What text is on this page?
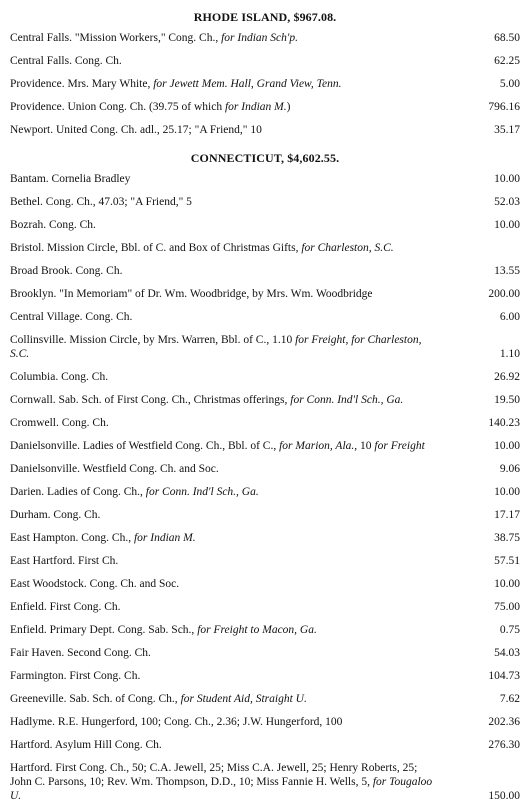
RHODE ISLAND, $967.08.
Central Falls. "Mission Workers," Cong. Ch., for Indian Sch'p.	68.50
Central Falls. Cong. Ch.	62.25
Providence. Mrs. Mary White, for Jewett Mem. Hall, Grand View, Tenn.	5.00
Providence. Union Cong. Ch. (39.75 of which for Indian M.)	796.16
Newport. United Cong. Ch. adl., 25.17; "A Friend," 10	35.17
CONNECTICUT, $4,602.55.
Bantam. Cornelia Bradley	10.00
Bethel. Cong. Ch., 47.03; "A Friend," 5	52.03
Bozrah. Cong. Ch.	10.00
Bristol. Mission Circle, Bbl. of C. and Box of Christmas Gifts, for Charleston, S.C.
Broad Brook. Cong. Ch.	13.55
Brooklyn. "In Memoriam" of Dr. Wm. Woodbridge, by Mrs. Wm. Woodbridge	200.00
Central Village. Cong. Ch.	6.00
Collinsville. Mission Circle, by Mrs. Warren, Bbl. of C., 1.10 for Freight, for Charleston, S.C.	1.10
Columbia. Cong. Ch.	26.92
Cornwall. Sab. Sch. of First Cong. Ch., Christmas offerings, for Conn. Ind'l Sch., Ga.	19.50
Cromwell. Cong. Ch.	140.23
Danielsonville. Ladies of Westfield Cong. Ch., Bbl. of C., for Marion, Ala., 10 for Freight	10.00
Danielsonville. Westfield Cong. Ch. and Soc.	9.06
Darien. Ladies of Cong. Ch., for Conn. Ind'l Sch., Ga.	10.00
Durham. Cong. Ch.	17.17
East Hampton. Cong. Ch., for Indian M.	38.75
East Hartford. First Ch.	57.51
East Woodstock. Cong. Ch. and Soc.	10.00
Enfield. First Cong. Ch.	75.00
Enfield. Primary Dept. Cong. Sab. Sch., for Freight to Macon, Ga.	0.75
Fair Haven. Second Cong. Ch.	54.03
Farmington. First Cong. Ch.	104.73
Greeneville. Sab. Sch. of Cong. Ch., for Student Aid, Straight U.	7.62
Hadlyme. R.E. Hungerford, 100; Cong. Ch., 2.36; J.W. Hungerford, 100	202.36
Hartford. Asylum Hill Cong. Ch.	276.30
Hartford. First Cong. Ch., 50; C.A. Jewell, 25; Miss C.A. Jewell, 25; Henry Roberts, 25; John C. Parsons, 10; Rev. Wm. Thompson, D.D., 10; Miss Fannie H. Wells, 5, for Tougaloo U.	150.00
